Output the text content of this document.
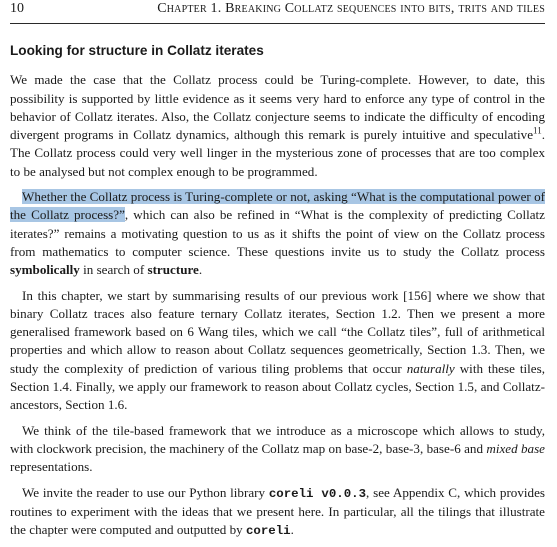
10	Chapter 1. Breaking Collatz sequences into bits, trits and tiles
Looking for structure in Collatz iterates

We made the case that the Collatz process could be Turing-complete. However, to date, this possibility is supported by little evidence as it seems very hard to enforce any type of control in the behavior of Collatz iterates. Also, the Collatz conjecture seems to indicate the difficulty of encoding divergent programs in Collatz dynamics, although this remark is purely intuitive and speculative$^{11}$. The Collatz process could very well linger in the mysterious zone of processes that are too complex to be analysed but not complex enough to be programmed.

Whether the Collatz process is Turing-complete or not, asking “What is the computational power of the Collatz process?”, which can also be refined in “What is the complexity of predicting Collatz iterates?” remains a motivating question to us as it shifts the point of view on the Collatz process from mathematics to computer science. These questions invite us to study the Collatz process symbolically in search of structure.

In this chapter, we start by summarising results of our previous work [156] where we show that binary Collatz traces also feature ternary Collatz iterates, Section 1.2. Then we present a more generalised framework based on 6 Wang tiles, which we call “the Collatz tiles”, full of arithmetical properties and which allow to reason about Collatz sequences geometrically, Section 1.3. Then, we study the complexity of prediction of various tiling problems that occur naturally with these tiles, Section 1.4. Finally, we apply our framework to reason about Collatz cycles, Section 1.5, and Collatz-ancestors, Section 1.6.

We think of the tile-based framework that we introduce as a microscope which allows to study, with clockwork precision, the machinery of the Collatz map on base-2, base-3, base-6 and mixed base representations.

We invite the reader to use our Python library coreli v0.0.3, see Appendix C, which provides routines to experiment with the ideas that we present here. In particular, all the tilings that illustrate the chapter were computed and outputted by coreli.
